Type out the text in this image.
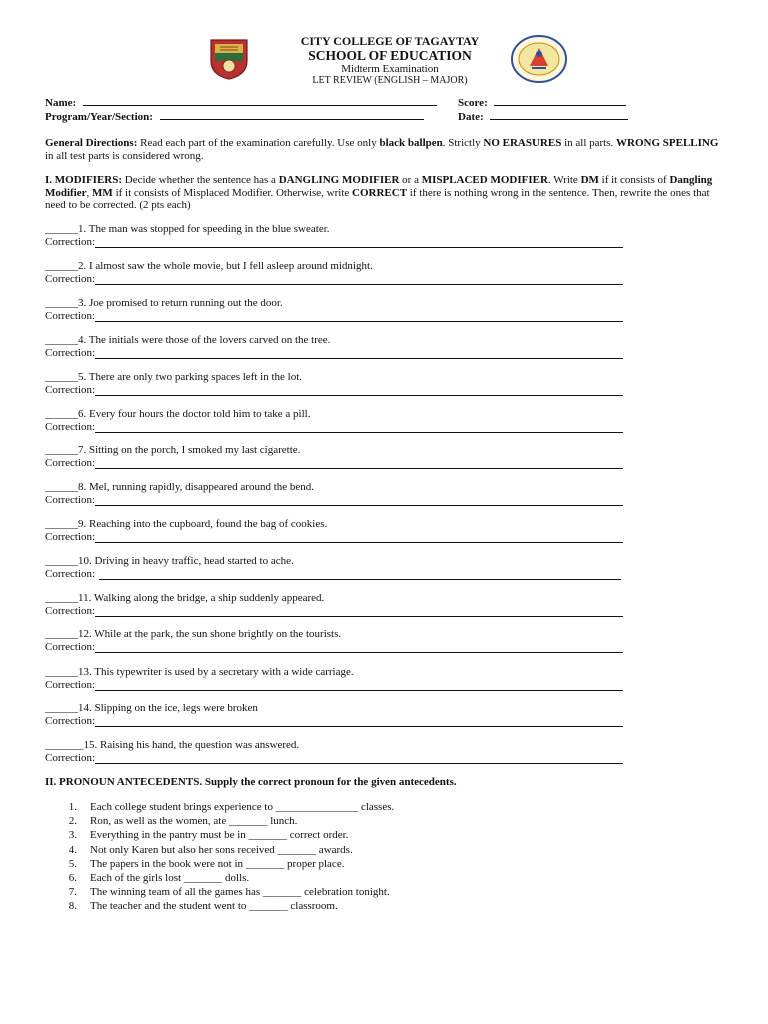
CITY COLLEGE OF TAGAYTAY
SCHOOL OF EDUCATION
Midterm Examination
LET REVIEW (ENGLISH – MAJOR)
Name:	Score:
Program/Year/Section:	Date:
General Directions: Read each part of the examination carefully. Use only black ballpen. Strictly NO ERASURES in all parts. WRONG SPELLING in all test parts is considered wrong.
I. MODIFIERS: Decide whether the sentence has a DANGLING MODIFIER or a MISPLACED MODIFIER. Write DM if it consists of Dangling Modifier, MM if it consists of Misplaced Modifier. Otherwise, write CORRECT if there is nothing wrong in the sentence. Then, rewrite the ones that need to be corrected. (2 pts each)
______1. The man was stopped for speeding in the blue sweater.
Correction:
______2. I almost saw the whole movie, but I fell asleep around midnight.
Correction:
______3. Joe promised to return running out the door.
Correction:
______4. The initials were those of the lovers carved on the tree.
Correction:
______5. There are only two parking spaces left in the lot.
Correction:
______6. Every four hours the doctor told him to take a pill.
Correction:
______7. Sitting on the porch, I smoked my last cigarette.
Correction:
______8. Mel, running rapidly, disappeared around the bend.
Correction:
______9. Reaching into the cupboard, found the bag of cookies.
Correction:
______10. Driving in heavy traffic, head started to ache.
Correction:
______11. Walking along the bridge, a ship suddenly appeared.
Correction:
______12. While at the park, the sun shone brightly on the tourists.
Correction:
______13. This typewriter is used by a secretary with a wide carriage.
Correction:
______14. Slipping on the ice, legs were broken
Correction:
_______15. Raising his hand, the question was answered.
Correction:
II. PRONOUN ANTECEDENTS. Supply the correct pronoun for the given antecedents.
1.	Each college student brings experience to _______________ classes.
2.	Ron, as well as the women, ate _______ lunch.
3.	Everything in the pantry must be in _______ correct order.
4.	Not only Karen but also her sons received _______ awards.
5.	The papers in the book were not in _______ proper place.
6.	Each of the girls lost _______ dolls.
7.	The winning team of all the games has _______ celebration tonight.
8.	The teacher and the student went to _______ classroom.
